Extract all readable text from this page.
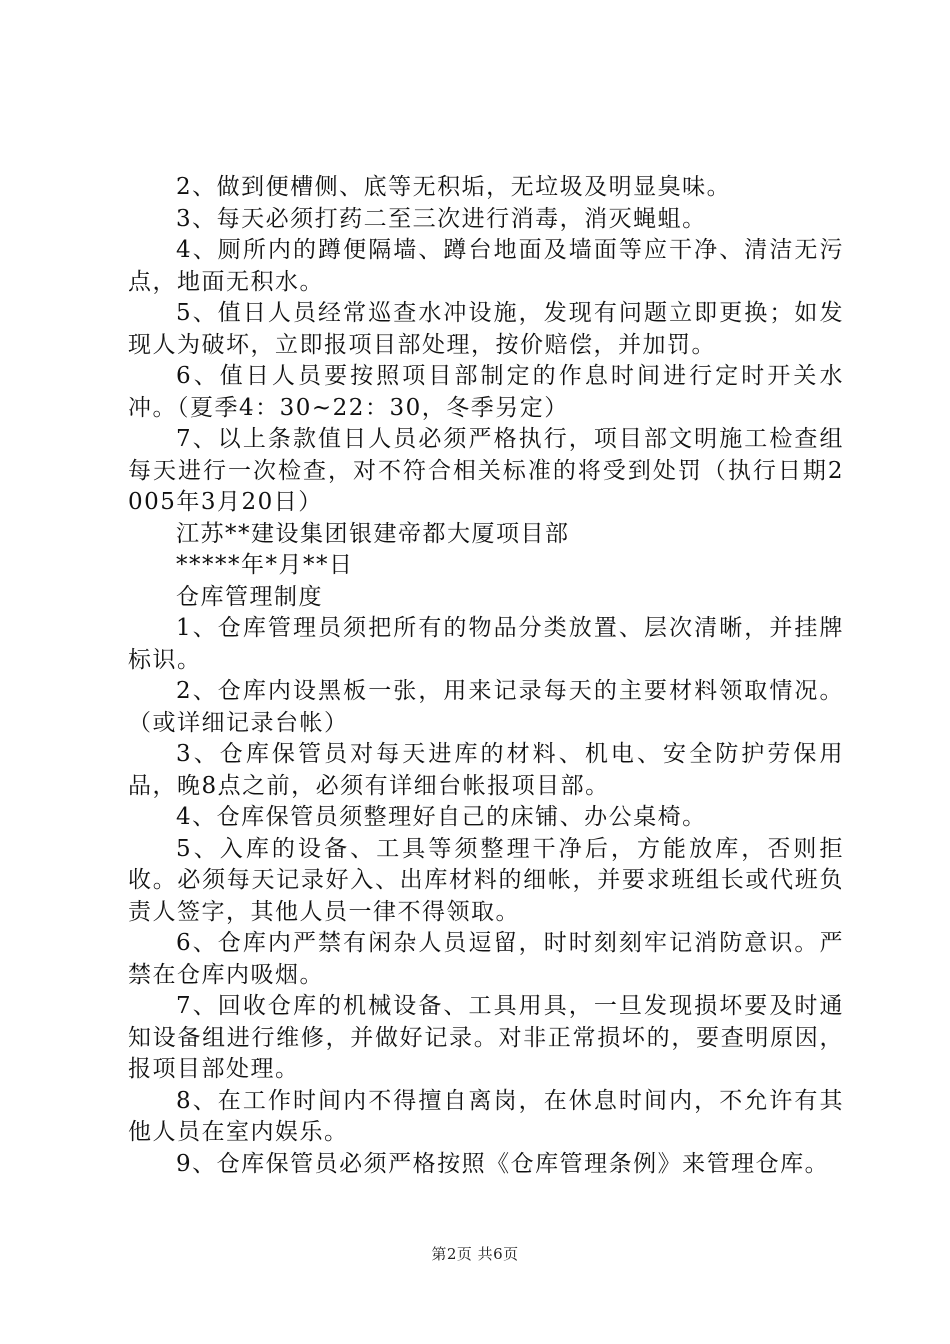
2、做到便槽侧、底等无积垢，无垃圾及明显臭味。

3、每天必须打药二至三次进行消毒，消灭蝇蛆。

4、厕所内的蹲便隔墙、蹲台地面及墙面等应干净、清洁无污点，地面无积水。

5、值日人员经常巡查水冲设施，发现有问题立即更换；如发现人为破坏，立即报项目部处理，按价赔偿，并加罚。

6、值日人员要按照项目部制定的作息时间进行定时开关水冲。（夏季4：30~22：30，冬季另定）

7、以上条款值日人员必须严格执行，项目部文明施工检查组每天进行一次检查，对不符合相关标准的将受到处罚（执行日期2005年3月20日）

江苏**建设集团银建帝都大厦项目部

*****年*月**日

仓库管理制度

1、仓库管理员须把所有的物品分类放置、层次清晰，并挂牌标识。

2、仓库内设黑板一张，用来记录每天的主要材料领取情况。（或详细记录台帐）

3、仓库保管员对每天进库的材料、机电、安全防护劳保用品，晚8点之前，必须有详细台帐报项目部。

4、仓库保管员须整理好自己的床铺、办公桌椅。

5、入库的设备、工具等须整理干净后，方能放库，否则拒收。必须每天记录好入、出库材料的细帐，并要求班组长或代班负责人签字，其他人员一律不得领取。

6、仓库内严禁有闲杂人员逗留，时时刻刻牢记消防意识。严禁在仓库内吸烟。

7、回收仓库的机械设备、工具用具，一旦发现损坏要及时通知设备组进行维修，并做好记录。对非正常损坏的，要查明原因，报项目部处理。

8、在工作时间内不得擅自离岗，在休息时间内，不允许有其他人员在室内娱乐。

9、仓库保管员必须严格按照《仓库管理条例》来管理仓库。

第2页 共6页
